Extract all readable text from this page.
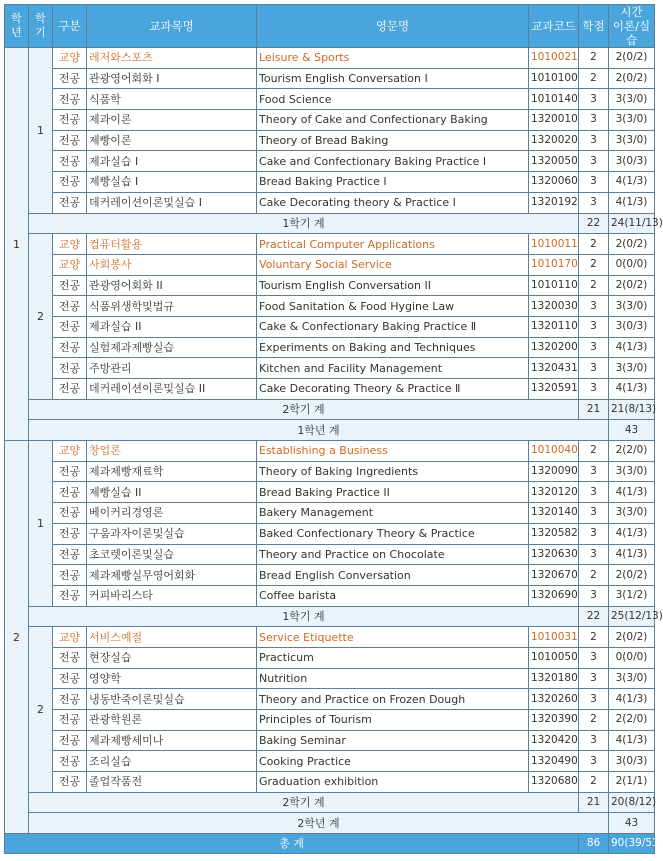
학년	학기	구분	교과목명	영문명	교과코드	학점	시간
이론/실습	
1	1	교양	레저와스포츠	Leisure & Sports	1010021	2	2(0/2)	
		전공	관광영어회화 I	Tourism English Conversation I	1010100	2	2(0/2)	
		전공	식품학	Food Science	1010140	3	3(3/0)	
		전공	제과이론	Theory of Cake and Confectionary Baking	1320010	3	3(3/0)	
		전공	제빵이론	Theory of Bread Baking	1320020	3	3(3/0)	
		전공	제과실습 I	Cake and Confectionary Baking Practice Ⅰ	1320050	3	3(0/3)	
		전공	제빵실습 I	Bread Baking Practice Ⅰ	1320060	3	4(1/3)	
		전공	데커레이션이론및실습 I	Cake Decorating theory & Practice I	1320192	3	4(1/3)	
	1학기 계					22	24(11/13)	
	2	교양	컴퓨터활용	Practical Computer Applications	1010011	2	2(0/2)	
		교양	사회봉사	Voluntary Social Service	1010170	2	0(0/0)	
		전공	관광영어회화 II	Tourism English Conversation II	1010110	2	2(0/2)	
		전공	식품위생학및법규	Food Sanitation & Food Hygine Law	1320030	3	3(3/0)	
		전공	제과실습 II	Cake & Confectionary Baking Practice Ⅱ	1320110	3	3(0/3)	
		전공	실험제과제빵실습	Experiments on Baking and Techniques	1320200	3	4(1/3)	
		전공	주방관리	Kitchen and Facility Management	1320431	3	3(3/0)	
		전공	데커레이션이론및실습 II	Cake Decorating Theory & Practice Ⅱ	1320591	3	4(1/3)	
	2학기 계					21	21(8/13)	
	1학년 계						43	
2	1	교양	창업론	Establishing a Business	1010040	2	2(2/0)	
		전공	제과제빵재료학	Theory of Baking Ingredients	1320090	3	3(3/0)	
		전공	제빵실습 II	Bread Baking Practice II	1320120	3	4(1/3)	
		전공	베이커리경영론	Bakery Management	1320140	3	3(3/0)	
		전공	구움과자이론및실습	Baked Confectionary Theory & Practice	1320582	3	4(1/3)	
		전공	초코렛이론및실습	Theory and Practice on Chocolate	1320630	3	4(1/3)	
		전공	제과제빵실무영어회화	Bread English Conversation	1320670	2	2(0/2)	
		전공	커피바리스타	Coffee barista	1320690	3	3(1/2)	
	1학기 계					22	25(12/13)	
	2	교양	서비스예절	Service Etiquette	1010031	2	2(0/2)	
		전공	현장실습	Practicum	1010050	3	0(0/0)	
		전공	영양학	Nutrition	1320180	3	3(3/0)	
		전공	냉동반죽이론및실습	Theory and Practice on Frozen Dough	1320260	3	4(1/3)	
		전공	관광학원론	Principles of Tourism	1320390	2	2(2/0)	
		전공	제과제빵세미나	Baking Seminar	1320420	3	4(1/3)	
		전공	조리실습	Cooking Practice	1320490	3	3(0/3)	
		전공	졸업작품전	Graduation exhibition	1320680	2	2(1/1)	
	2학기 계					21	20(8/12)	
	2학년 계						43	
총 계						86	90(39/51)	
